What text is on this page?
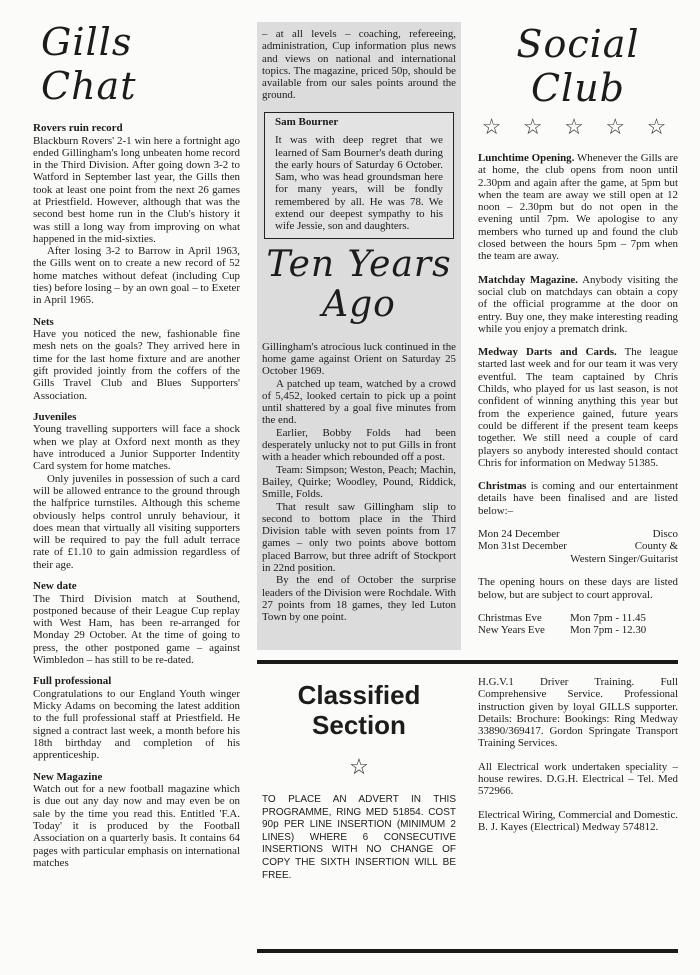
Gills Chat
Rovers ruin record

Blackburn Rovers' 2-1 win here a fortnight ago ended Gillingham's long unbeaten home record in the Third Division. After going down 3-2 to Watford in September last year, the Gills then took at least one point from the next 26 games at Priestfield. However, although that was the second best home run in the Club's history it was still a long way from improving on what happened in the mid-sixties.

After losing 3-2 to Barrow in April 1963, the Gills went on to create a new record of 52 home matches without defeat (including Cup ties) before losing – by an own goal – to Exeter in April 1965.

Nets

Have you noticed the new, fashionable fine mesh nets on the goals? They arrived here in time for the last home fixture and are another gift provided jointly from the coffers of the Gills Travel Club and Blues Supporters' Association.

Juveniles

Young travelling supporters will face a shock when we play at Oxford next month as they have introduced a Junior Supporter Indentity Card system for home matches.

Only juveniles in possession of such a card will be allowed entrance to the ground through the halfprice turnstiles. Although this scheme obviously helps control unruly behaviour, it does mean that virtually all visiting supporters will be required to pay the full adult terrace rate of £1.10 to gain admission regardless of their age.

New date

The Third Division match at Southend, postponed because of their League Cup replay with West Ham, has been re-arranged for Monday 29 October. At the time of going to press, the other postponed game – against Wimbledon – has still to be re-dated.

Full professional

Congratulations to our England Youth winger Micky Adams on becoming the latest addition to the full professional staff at Priestfield. He signed a contract last week, a month before his 18th birthday and completion of his apprenticeship.

New Magazine

Watch out for a new football magazine which is due out any day now and may even be on sale by the time you read this. Entitled 'F.A. Today' it is produced by the Football Association on a quarterly basis. It contains 64 pages with particular emphasis on international matches

– at all levels – coaching, refereeing, administration, Cup information plus news and views on national and international topics. The magazine, priced 50p, should be available from our sales points around the ground.

Sam Bourner

It was with deep regret that we learned of Sam Bourner's death during the early hours of Saturday 6 October. Sam, who was head groundsman here for many years, will be fondly remembered by all. He was 78. We extend our deepest sympathy to his wife Jessie, son and daughters.

Ten Years
Ago

Gillingham's atrocious luck continued in the home game against Orient on Saturday 25 October 1969.

A patched up team, watched by a crowd of 5,452, looked certain to pick up a point until shattered by a goal five minutes from the end.

Earlier, Bobby Folds had been desperately unlucky not to put Gills in front with a header which rebounded off a post.

Team: Simpson; Weston, Peach; Machin, Bailey, Quirke; Woodley, Pound, Riddick, Smille, Folds.

That result saw Gillingham slip to second to bottom place in the Third Division table with seven points from 17 games – only two points above bottom placed Barrow, but three adrift of Stockport in 22nd position.

By the end of October the surprise leaders of the Division were Rochdale. With 27 points from 18 games, they led Luton Town by one point.

Social Club
☆ ☆ ☆ ☆ ☆

Lunchtime Opening. Whenever the Gills are at home, the club opens from noon until 2.30pm and again after the game, at 5pm but when the team are away we still open at 12 noon – 2.30pm but do not open in the evening until 7pm. We apologise to any members who turned up and found the club closed between the hours 5pm – 7pm when the team are away.

Matchday Magazine. Anybody visiting the social club on matchdays can obtain a copy of the official programme at the door on entry. Buy one, they make interesting reading while you enjoy a prematch drink.

Medway Darts and Cards. The league started last week and for our team it was very eventful. The team captained by Chris Childs, who played for us last season, is not confident of winning anything this year but from the experience gained, future years could be different if the present team keeps together. We still need a couple of card players so anybody interested should contact Chris for information on Medway 51385.

Christmas is coming and our entertainment details have been finalised and are listed below:–

Mon 24 December	Disco
Mon 31st December	County &
Western Singer/Guitarist

The opening hours on these days are listed below, but are subject to court approval.

Christmas Eve	Mon 7pm - 11.45
New Years Eve	Mon 7pm - 12.30
Classified
Section
☆

TO PLACE AN ADVERT IN THIS PROGRAMME, RING MED 51854. COST 90p PER LINE INSERTION (MINIMUM 2 LINES) WHERE 6 CONSECUTIVE INSERTIONS WITH NO CHANGE OF COPY THE SIXTH INSERTION WILL BE FREE.

H.G.V.1 Driver Training. Full Comprehensive Service. Professional instruction given by loyal GILLS supporter. Details: Brochure: Bookings: Ring Medway 33890/369417. Gordon Springate Transport Training Services.

All Electrical work undertaken speciality – house rewires. D.G.H. Electrical – Tel. Med 572966.

Electrical Wiring, Commercial and Domestic. B. J. Kayes (Electrical) Medway 574812.
